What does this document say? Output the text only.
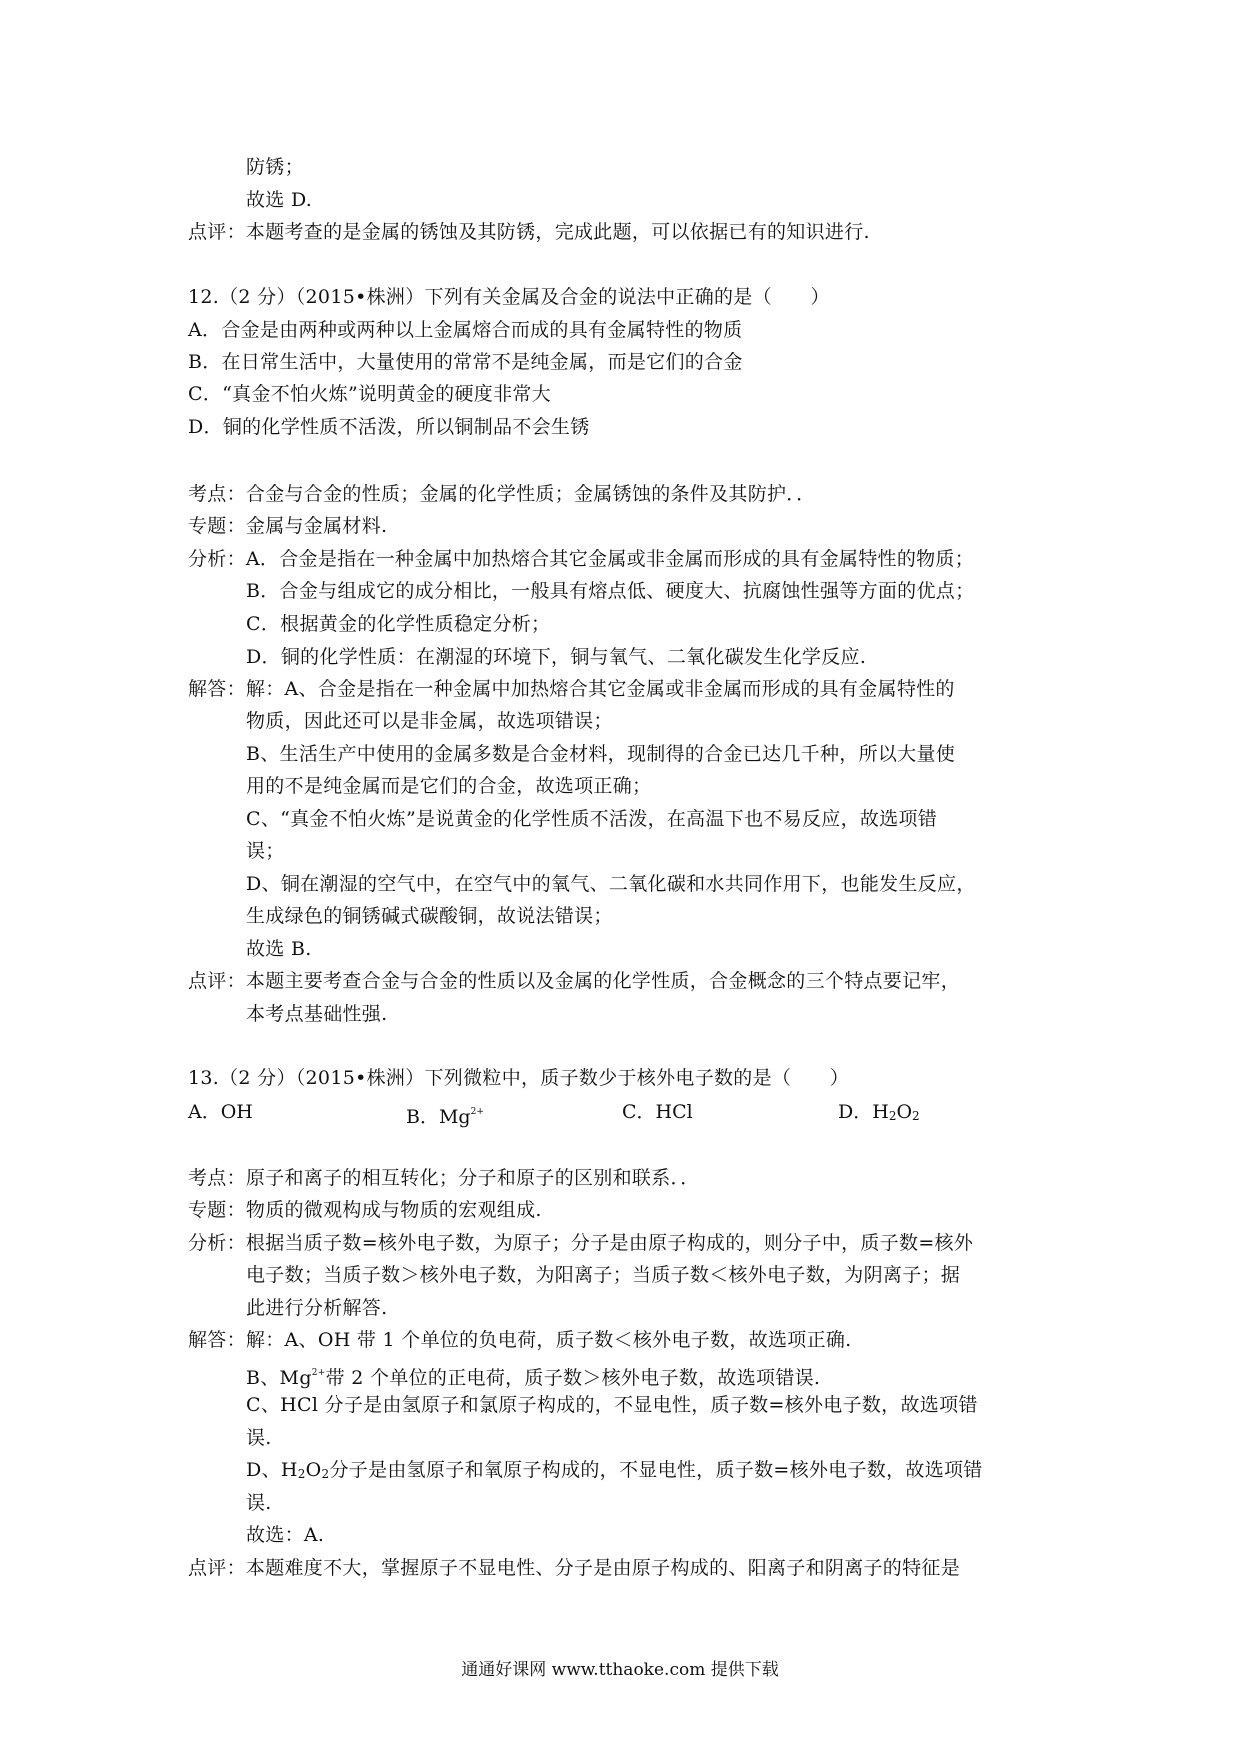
防锈；
故选 D.
点评：本题考查的是金属的锈蚀及其防锈，完成此题，可以依据已有的知识进行.
12.（2 分）（2015•株洲）下列有关金属及合金的说法中正确的是（　　）
A．合金是由两种或两种以上金属熔合而成的具有金属特性的物质
B．在日常生活中，大量使用的常常不是纯金属，而是它们的合金
C．“真金不怕火炼”说明黄金的硬度非常大
D．铜的化学性质不活泼，所以铜制品不会生锈
考点：合金与合金的性质；金属的化学性质；金属锈蚀的条件及其防护．．
专题：金属与金属材料.
分析：A．合金是指在一种金属中加热熔合其它金属或非金属而形成的具有金属特性的物质；
B．合金与组成它的成分相比，一般具有熔点低、硬度大、抗腐蚀性强等方面的优点；
C．根据黄金的化学性质稳定分析；
D．铜的化学性质：在潮湿的环境下，铜与氧气、二氧化碳发生化学反应.
解答：解：A、合金是指在一种金属中加热熔合其它金属或非金属而形成的具有金属特性的
物质，因此还可以是非金属，故选项错误；
B、生活生产中使用的金属多数是合金材料，现制得的合金已达几千种，所以大量使
用的不是纯金属而是它们的合金，故选项正确；
C、“真金不怕火炼”是说黄金的化学性质不活泼，在高温下也不易反应，故选项错
误；
D、铜在潮湿的空气中，在空气中的氧气、二氧化碳和水共同作用下，也能发生反应，
生成绿色的铜锈碱式碳酸铜，故说法错误；
故选 B.
点评：本题主要考查合金与合金的性质以及金属的化学性质，合金概念的三个特点要记牢，
本考点基础性强.
13.（2 分）（2015•株洲）下列微粒中，质子数少于核外电子数的是（　　）
A．OH	B．$Mg^{2+}$	C．HCl	D．$H_2O_2$
考点：原子和离子的相互转化；分子和原子的区别和联系．．
专题：物质的微观构成与物质的宏观组成.
分析：根据当质子数=核外电子数，为原子；分子是由原子构成的，则分子中，质子数=核外
电子数；当质子数＞核外电子数，为阳离子；当质子数＜核外电子数，为阴离子；据
此进行分析解答.
解答：解：A、OH 带 1 个单位的负电荷，质子数＜核外电子数，故选项正确.
B、$Mg^{2+}$带 2 个单位的正电荷，质子数＞核外电子数，故选项错误.
C、HCl 分子是由氢原子和氯原子构成的，不显电性，质子数=核外电子数，故选项错
误.
D、$H_2O_2$分子是由氢原子和氧原子构成的，不显电性，质子数=核外电子数，故选项错
误.
故选：A.
点评：本题难度不大，掌握原子不显电性、分子是由原子构成的、阳离子和阴离子的特征是
通通好课网 www.tthaoke.com 提供下载
